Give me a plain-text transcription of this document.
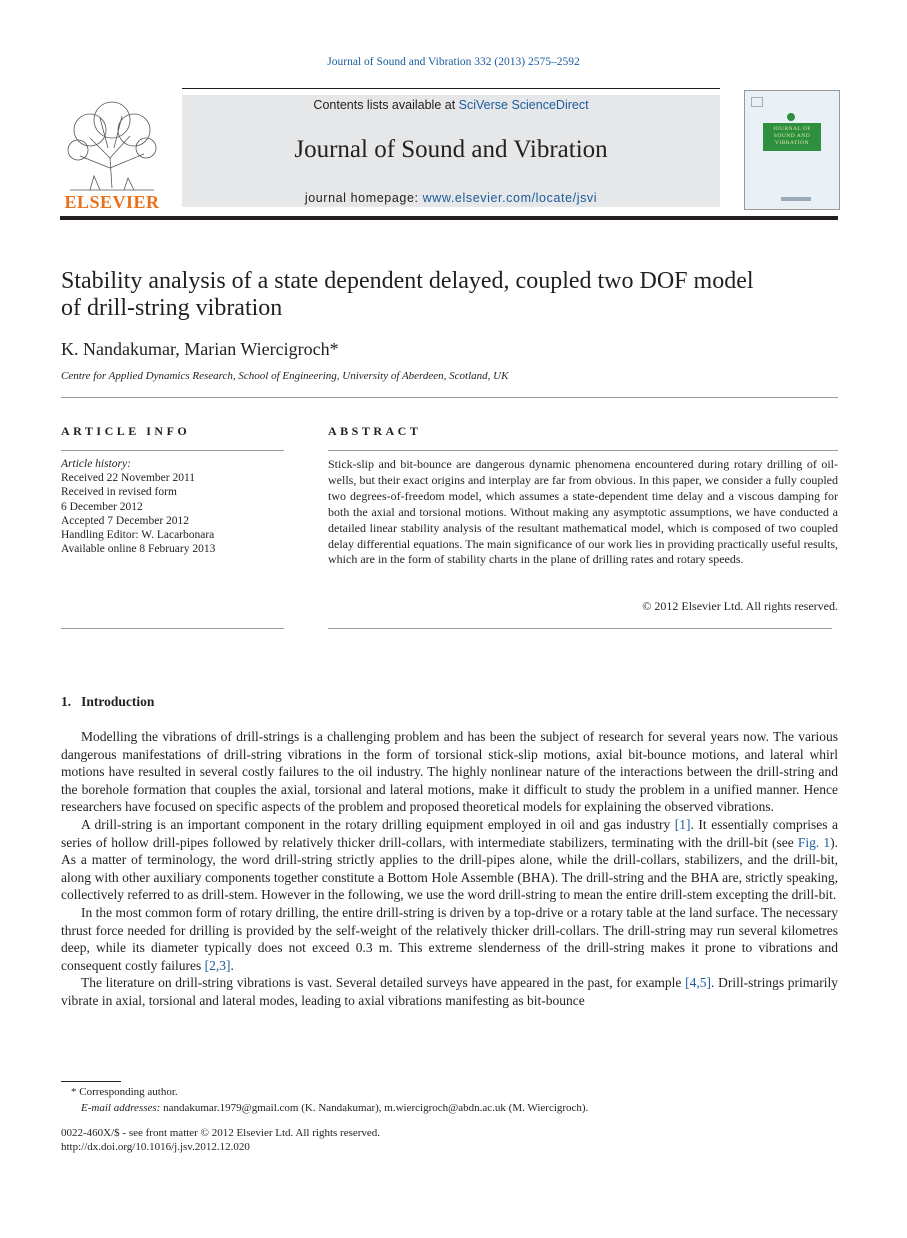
Journal of Sound and Vibration 332 (2013) 2575–2592
ELSEVIER
Contents lists available at SciVerse ScienceDirect
Journal of Sound and Vibration
journal homepage: www.elsevier.com/locate/jsvi
JOURNAL OF SOUND AND VIBRATION
Stability analysis of a state dependent delayed, coupled two DOF model of drill-string vibration
K. Nandakumar, Marian Wiercigroch*
Centre for Applied Dynamics Research, School of Engineering, University of Aberdeen, Scotland, UK
ARTICLE INFO	ABSTRACT
Article history:
Received 22 November 2011
Received in revised form
6 December 2012
Accepted 7 December 2012
Handling Editor: W. Lacarbonara
Available online 8 February 2013
Stick-slip and bit-bounce are dangerous dynamic phenomena encountered during rotary drilling of oil-wells, but their exact origins and interplay are far from obvious. In this paper, we consider a fully coupled two degrees-of-freedom model, which assumes a state-dependent time delay and a viscous damping for both the axial and torsional motions. Without making any asymptotic assumptions, we have conducted a detailed linear stability analysis of the resultant mathematical model, which is composed of two coupled delay differential equations. The main significance of our work lies in providing practically useful results, which are in the form of stability charts in the plane of drilling rates and rotary speeds.
© 2012 Elsevier Ltd. All rights reserved.
1. Introduction

Modelling the vibrations of drill-strings is a challenging problem and has been the subject of research for several years now. The various dangerous manifestations of drill-string vibrations in the form of torsional stick-slip motions, axial bit-bounce motions, and lateral whirl motions have resulted in several costly failures to the oil industry. The highly nonlinear nature of the interactions between the drill-string and the borehole formation that couples the axial, torsional and lateral motions, make it difficult to study the problem in a unified manner. Hence researchers have focused on specific aspects of the problem and proposed theoretical models for explaining the observed vibrations.

A drill-string is an important component in the rotary drilling equipment employed in oil and gas industry [1]. It essentially comprises a series of hollow drill-pipes followed by relatively thicker drill-collars, with intermediate stabilizers, terminating with the drill-bit (see Fig. 1). As a matter of terminology, the word drill-string strictly applies to the drill-pipes alone, while the drill-collars, stabilizers, and the drill-bit, along with other auxiliary components together constitute a Bottom Hole Assemble (BHA). The drill-string and the BHA are, strictly speaking, collectively referred to as drill-stem. However in the following, we use the word drill-string to mean the entire drill-stem excepting the drill-bit.

In the most common form of rotary drilling, the entire drill-string is driven by a top-drive or a rotary table at the land surface. The necessary thrust force needed for drilling is provided by the self-weight of the relatively thicker drill-collars. The drill-string may run several kilometres deep, while its diameter typically does not exceed 0.3 m. This extreme slenderness of the drill-string makes it prone to vibrations and consequent costly failures [2,3].

The literature on drill-string vibrations is vast. Several detailed surveys have appeared in the past, for example [4,5]. Drill-strings primarily vibrate in axial, torsional and lateral modes, leading to axial vibrations manifesting as bit-bounce

* Corresponding author.
E-mail addresses: nandakumar.1979@gmail.com (K. Nandakumar), m.wiercigroch@abdn.ac.uk (M. Wiercigroch).
0022-460X/$ - see front matter © 2012 Elsevier Ltd. All rights reserved.
http://dx.doi.org/10.1016/j.jsv.2012.12.020
